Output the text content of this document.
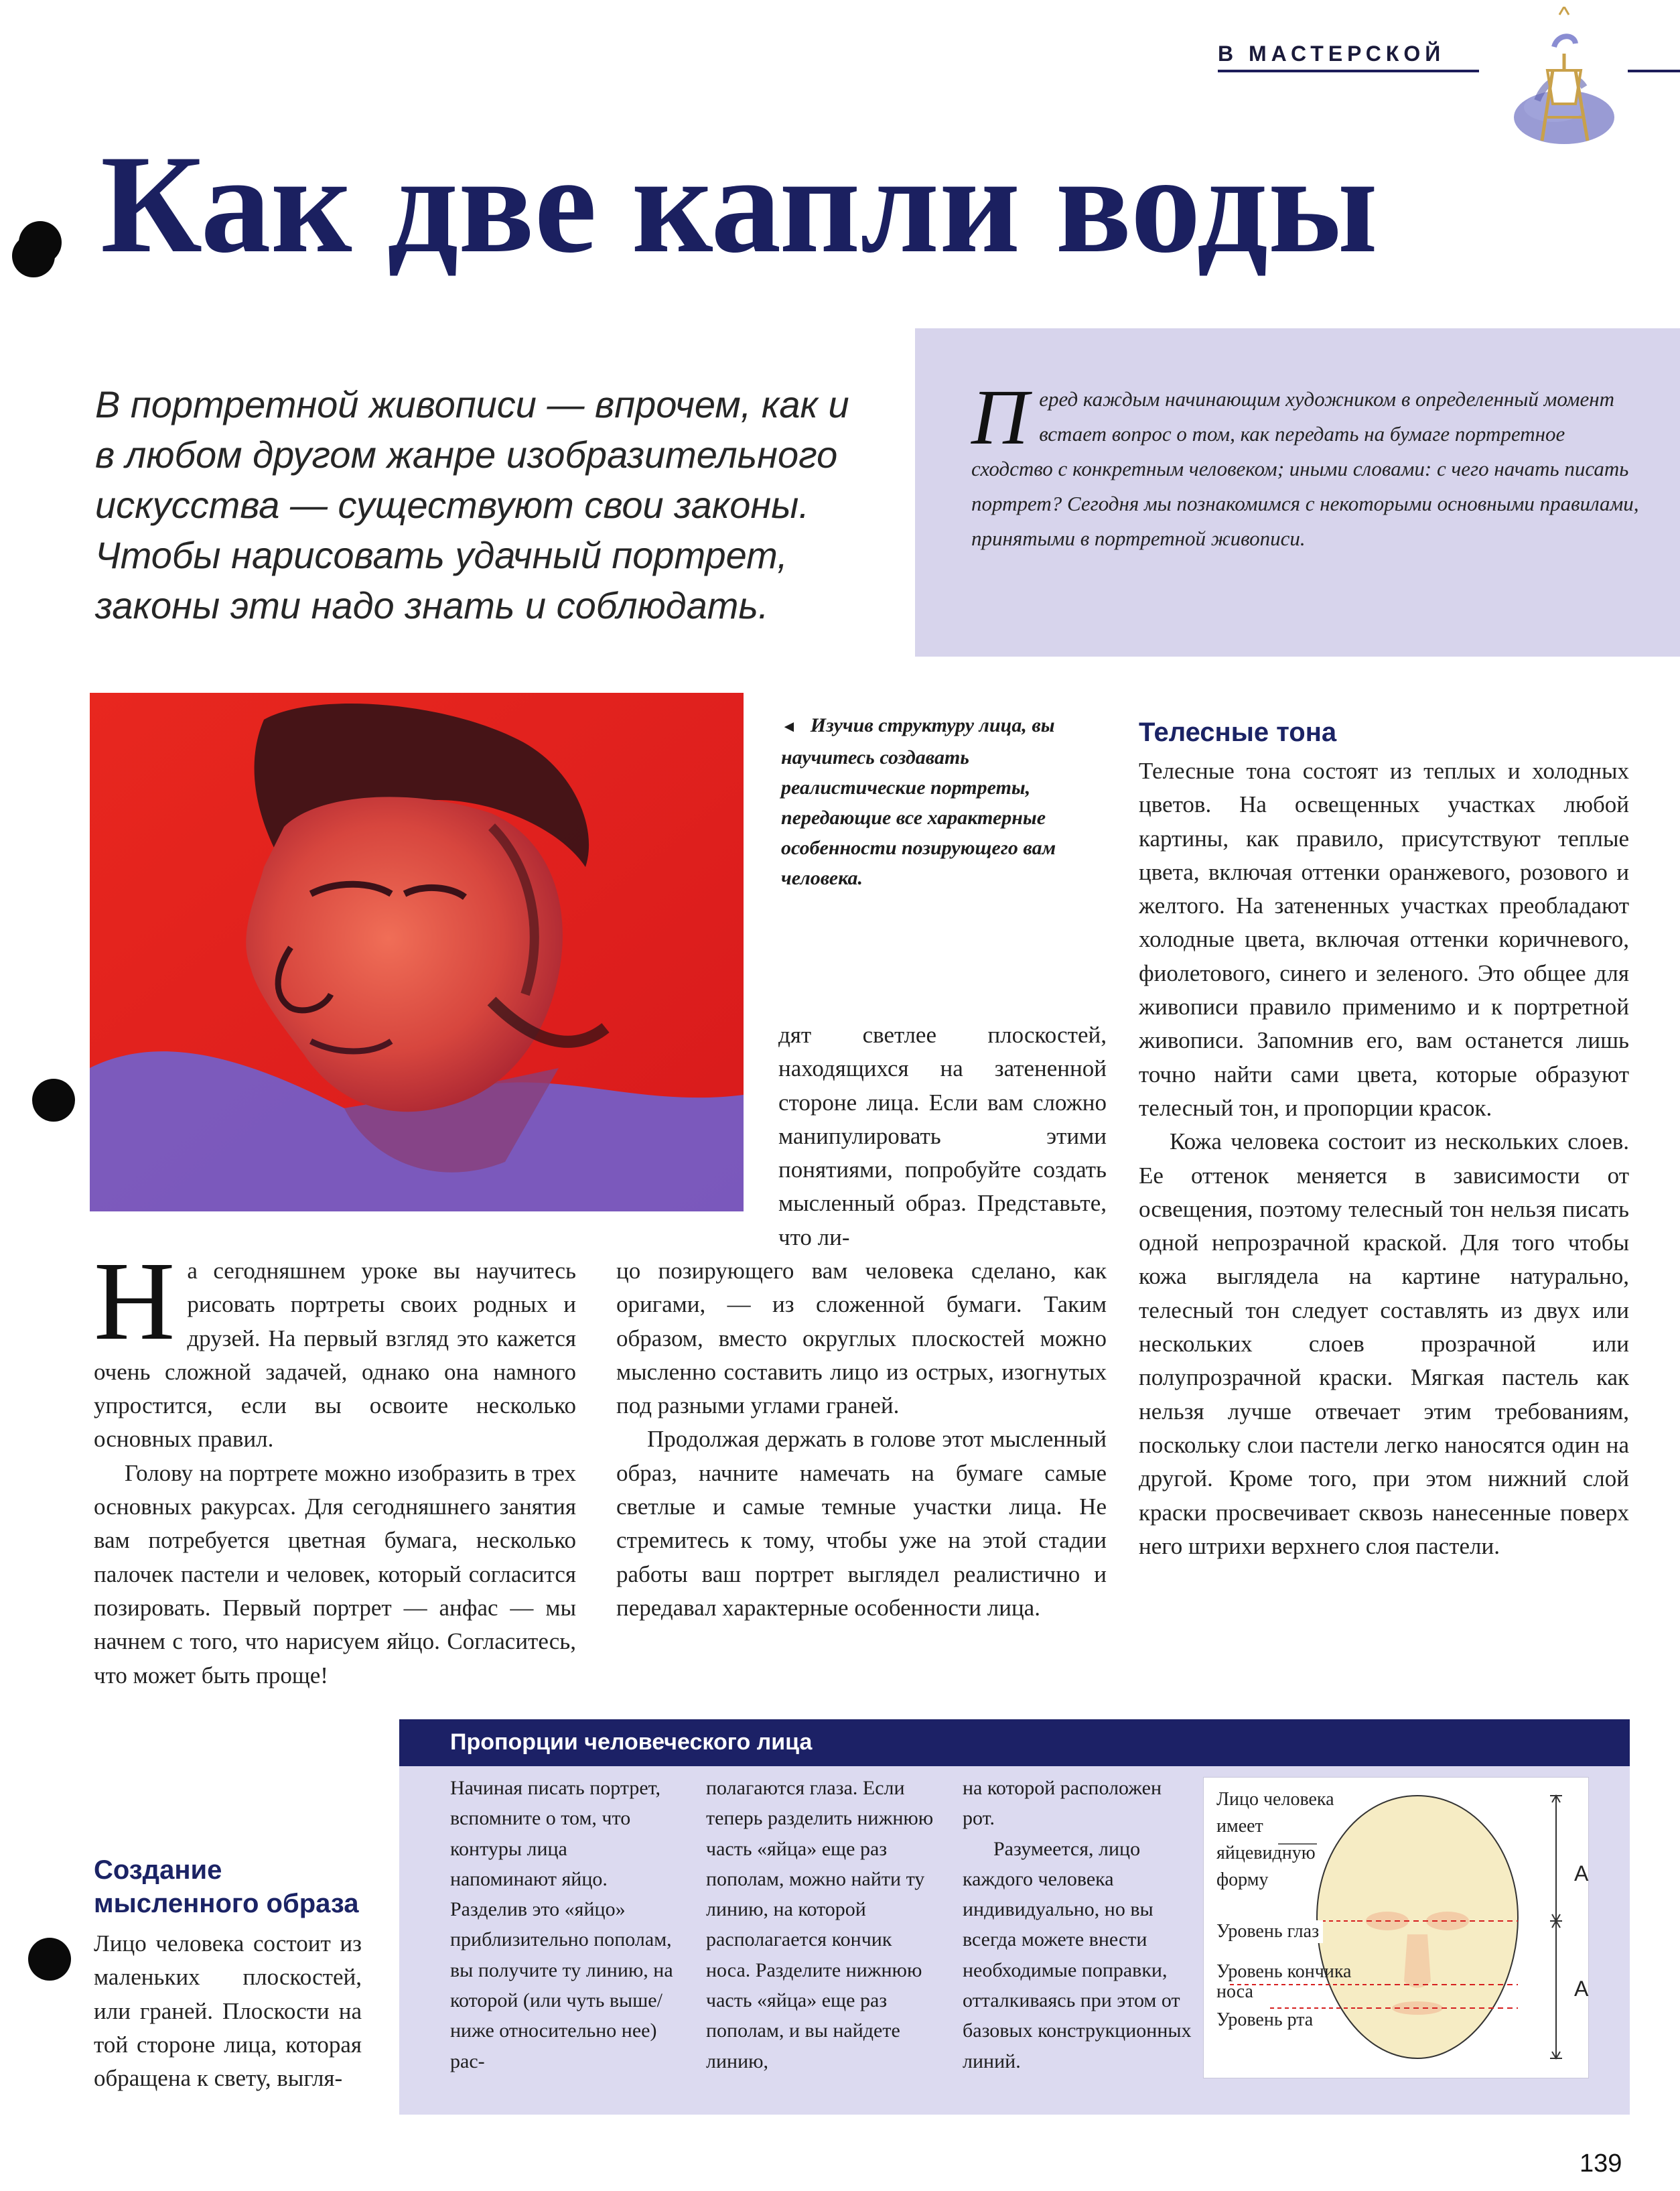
В МАСТЕРСКОЙ
Как две капли воды
В портретной живописи — впрочем, как и в любом другом жанре изобразительного искусства — существуют свои законы. Чтобы нарисовать удачный портрет, законы эти надо знать и соблюдать.
Перед каждым начинающим художником в определенный момент встает вопрос о том, как передать на бумаге портретное сходство с конкретным человеком; иными словами: с чего начать писать портрет? Сегодня мы познакомимся с некоторыми основными правилами, принятыми в портретной живописи.
◄ Изучив структуру лица, вы научитесь создавать реалистические портреты, передающие все характерные особенности позирующего вам человека.

На сегодняшнем уроке вы научитесь рисовать портреты своих родных и друзей. На первый взгляд это кажется очень сложной задачей, однако она намного упростится, если вы освоите несколько основных правил.

Голову на портрете можно изобразить в трех основных ракурсах. Для сегодняшнего занятия вам потребуется цветная бумага, несколько палочек пастели и человек, который согласится позировать. Первый портрет — анфас — мы начнем с того, что нарисуем яйцо. Согласитесь, что может быть проще!

Создание мысленного образа

Лицо человека состоит из маленьких плоскостей, или граней. Плоскости на той стороне лица, которая обращена к свету, выгля-

дят светлее плоскостей, находящихся на затененной стороне лица. Если вам сложно манипулировать этими понятиями, попробуйте создать мысленный образ. Представьте, что ли-

цо позирующего вам человека сделано, как оригами, — из сложенной бумаги. Таким образом, вместо округлых плоскостей можно мысленно составить лицо из острых, изогнутых под разными углами граней.

Продолжая держать в голове этот мысленный образ, начните намечать на бумаге самые светлые и самые темные участки лица. Не стремитесь к тому, чтобы уже на этой стадии работы ваш портрет выглядел реалистично и передавал характерные особенности лица.

Телесные тона

Телесные тона состоят из теплых и холодных цветов. На освещенных участках любой картины, как правило, присутствуют теплые цвета, включая оттенки оранжевого, розового и желтого. На затененных участках преобладают холодные цвета, включая оттенки коричневого, фиолетового, синего и зеленого. Это общее для живописи правило применимо и к портретной живописи. Запомнив его, вам останется лишь точно найти сами цвета, которые образуют телесный тон, и пропорции красок.

Кожа человека состоит из нескольких слоев. Ее оттенок меняется в зависимости от освещения, поэтому телесный тон нельзя писать одной непрозрачной краской. Для того чтобы кожа выглядела на картине натурально, телесный тон следует составлять из двух или нескольких слоев прозрачной или полупрозрачной краски. Мягкая пастель как нельзя лучше отвечает этим требованиям, поскольку слои пастели легко наносятся один на другой. Кроме того, при этом нижний слой краски просвечивает сквозь нанесенные поверх него штрихи верхнего слоя пастели.

Пропорции человеческого лица

Начиная писать портрет, вспомните о том, что контуры лица напоминают яйцо. Разделив это «яйцо» приблизительно пополам, вы получите ту линию, на которой (или чуть выше/ниже относительно нее) рас-

полагаются глаза. Если теперь разделить нижнюю часть «яйца» еще раз пополам, можно найти ту линию, на которой располагается кончик носа. Разделите нижнюю часть «яйца» еще раз пополам, и вы найдете линию,

на которой расположен рот.

Разумеется, лицо каждого человека индивидуально, но вы всегда можете внести необходимые поправки, отталкиваясь при этом от базовых конструкционных линий.

Лицо человека имеет яйцевидную форму
Уровень глаз
Уровень кончика носа
Уровень рта
A
A
139
